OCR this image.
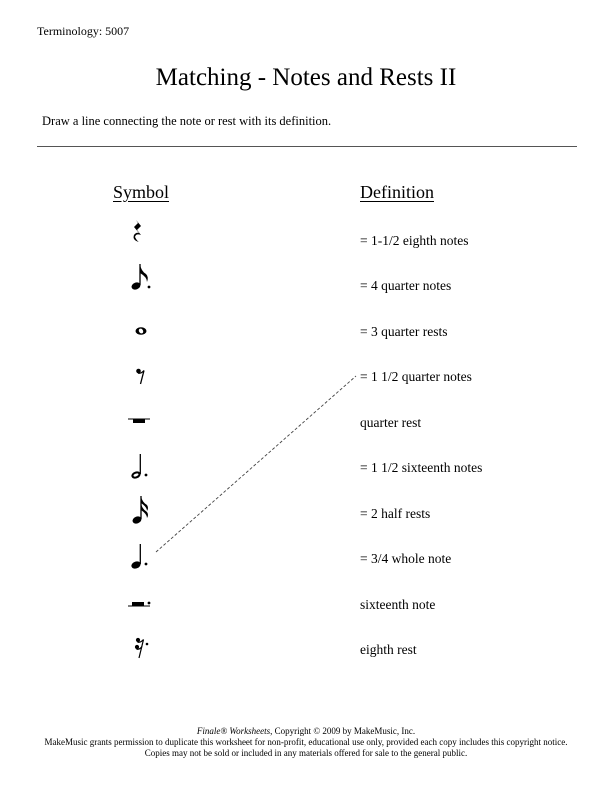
Terminology: 5007
Matching - Notes and Rests II
Draw a line connecting the note or rest with its definition.
Symbol	Definition
= 1-1/2 eighth notes
= 4 quarter notes
= 3 quarter rests
= 1 1/2 quarter notes
quarter rest
= 1 1/2 sixteenth notes
= 2 half rests
= 3/4 whole note
sixteenth note
eighth rest
Finale® Worksheets, Copyright © 2009 by MakeMusic, Inc.
MakeMusic grants permission to duplicate this worksheet for non-profit, educational use only, provided each copy includes this copyright notice.
Copies may not be sold or included in any materials offered for sale to the general public.
